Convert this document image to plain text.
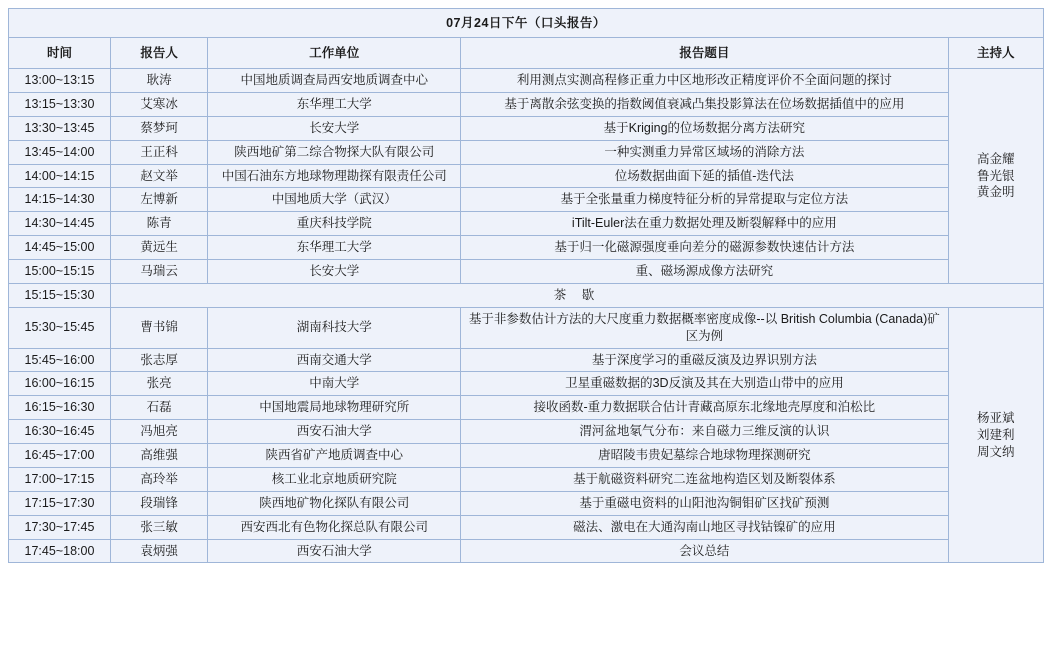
07月24日下午（口头报告）				
时间	报告人	工作单位	报告题目	主持人
13:00~13:15	耿涛	中国地质调查局西安地质调查中心	利用测点实测高程修正重力中区地形改正精度评价不全面问题的探讨	高金耀
鲁光银
黄金明

13:15~13:30	艾寒冰	东华理工大学	基于离散余弦变换的指数阈值衰减凸集投影算法在位场数据插值中的应用	
13:30~13:45	蔡梦珂	长安大学	基于Kriging的位场数据分离方法研究	
13:45~14:00	王正科	陕西地矿第二综合物探大队有限公司	一种实测重力异常区域场的消除方法	
14:00~14:15	赵文举	中国石油东方地球物理勘探有限责任公司	位场数据曲面下延的插值-迭代法	
14:15~14:30	左博新	中国地质大学（武汉）	基于全张量重力梯度特征分析的异常提取与定位方法	
14:30~14:45	陈青	重庆科技学院	iTilt-Euler法在重力数据处理及断裂解释中的应用	
14:45~15:00	黄远生	东华理工大学	基于归一化磁源强度垂向差分的磁源参数快速估计方法	
15:00~15:15	马瑞云	长安大学	重、磁场源成像方法研究	
15:15~15:30	茶 歇			
15:30~15:45	曹书锦	湖南科技大学	基于非参数估计方法的大尺度重力数据概率密度成像--以 British Columbia (Canada)矿区为例	杨亚斌
刘建利
周文纳

15:45~16:00	张志厚	西南交通大学	基于深度学习的重磁反演及边界识别方法	
16:00~16:15	张亮	中南大学	卫星重磁数据的3D反演及其在大别造山带中的应用	
16:15~16:30	石磊	中国地震局地球物理研究所	接收函数-重力数据联合估计青藏高原东北缘地壳厚度和泊松比	
16:30~16:45	冯旭亮	西安石油大学	渭河盆地氡气分布：来自磁力三维反演的认识	
16:45~17:00	高维强	陕西省矿产地质调查中心	唐昭陵韦贵妃墓综合地球物理探测研究	
17:00~17:15	高玲举	核工业北京地质研究院	基于航磁资料研究二连盆地构造区划及断裂体系	
17:15~17:30	段瑞锋	陕西地矿物化探队有限公司	基于重磁电资料的山阳池沟铜钼矿区找矿预测	
17:30~17:45	张三敏	西安西北有色物化探总队有限公司	磁法、激电在大通沟南山地区寻找钴镍矿的应用	
17:45~18:00	袁炳强	西安石油大学	会议总结	
